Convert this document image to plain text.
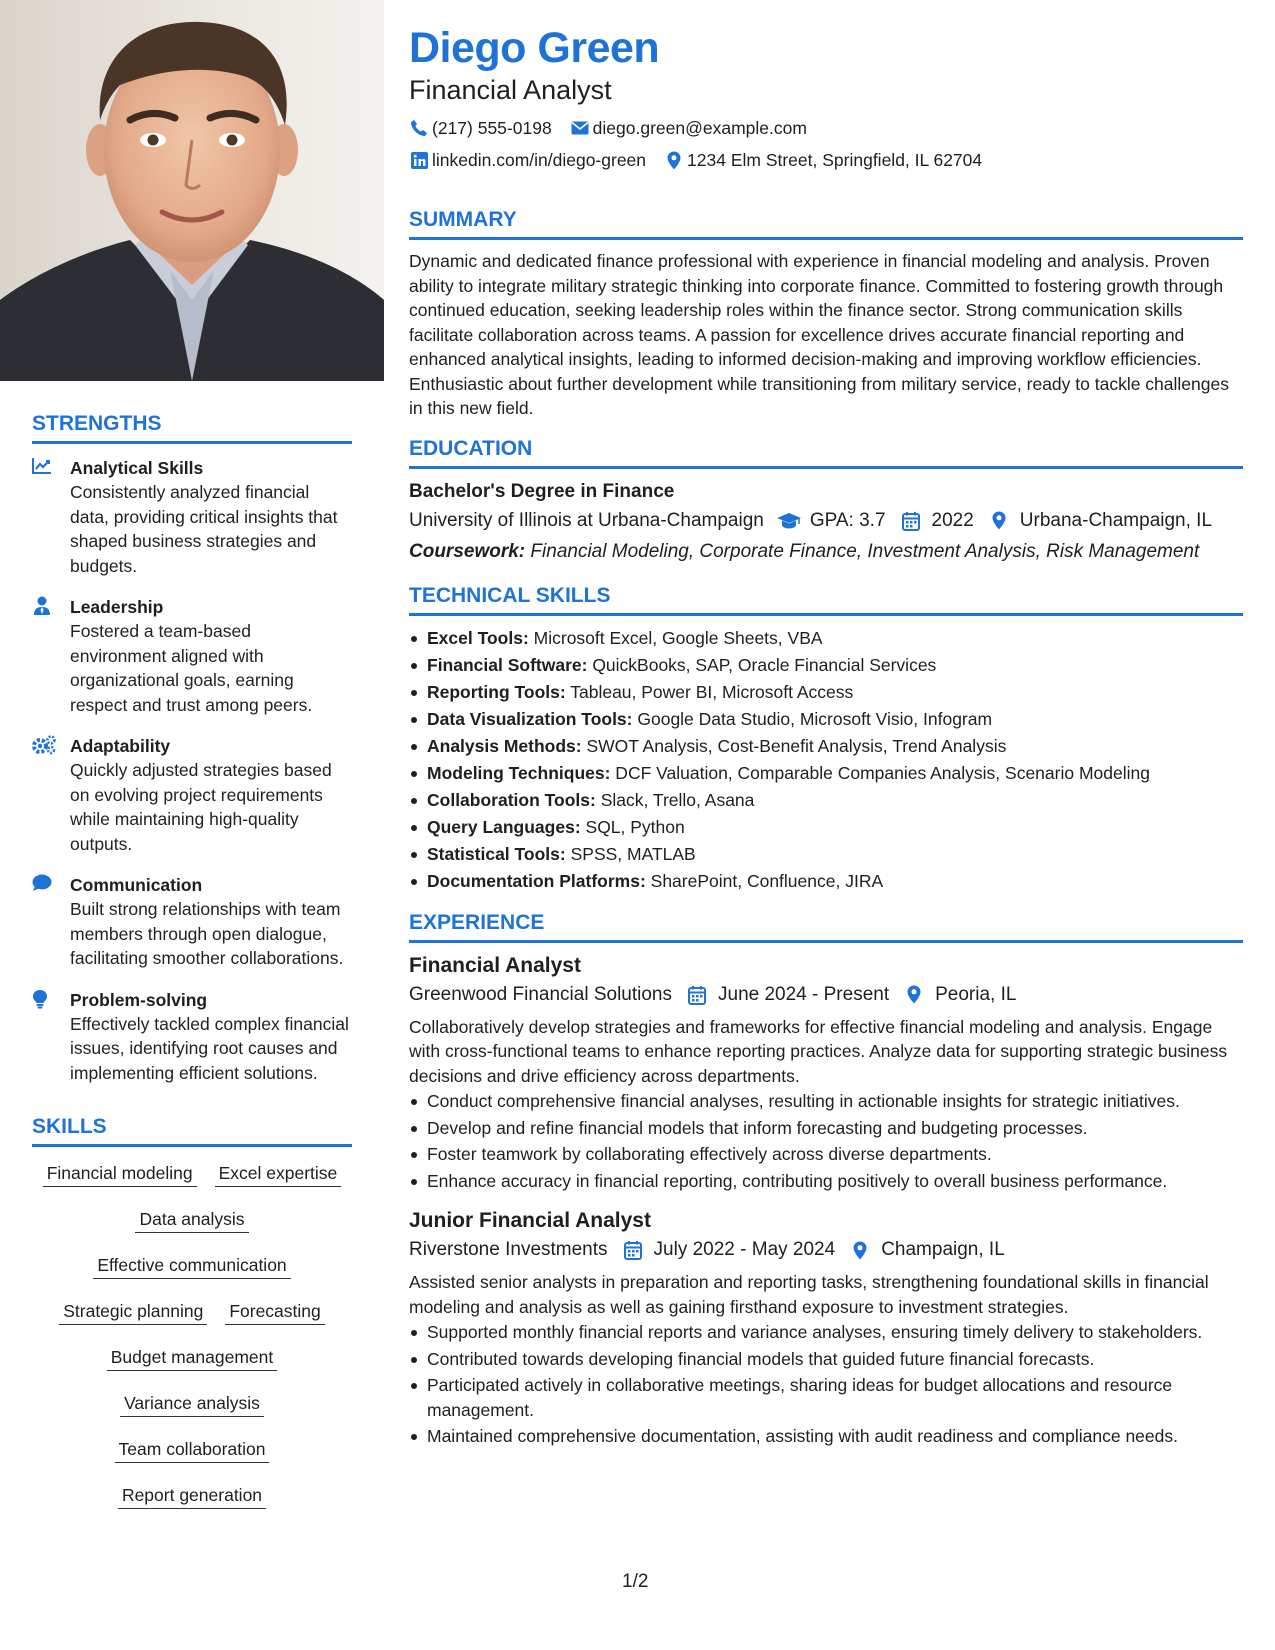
STRENGTHS
Analytical Skills
Consistently analyzed financial data, providing critical insights that shaped business strategies and budgets.
Leadership
Fostered a team-based environment aligned with organizational goals, earning respect and trust among peers.
Adaptability
Quickly adjusted strategies based on evolving project requirements while maintaining high-quality outputs.
Communication
Built strong relationships with team members through open dialogue, facilitating smoother collaborations.
Problem-solving
Effectively tackled complex financial issues, identifying root causes and implementing efficient solutions.
SKILLS
Financial modeling Excel expertise
Data analysis
Effective communication
Strategic planning Forecasting
Budget management
Variance analysis
Team collaboration
Report generation
Diego Green
Financial Analyst
(217) 555-0198 diego.green@example.com
linkedin.com/in/diego-green 1234 Elm Street, Springfield, IL 62704
SUMMARY
Dynamic and dedicated finance professional with experience in financial modeling and analysis. Proven ability to integrate military strategic thinking into corporate finance. Committed to fostering growth through continued education, seeking leadership roles within the finance sector. Strong communication skills facilitate collaboration across teams. A passion for excellence drives accurate financial reporting and enhanced analytical insights, leading to informed decision-making and improving workflow efficiencies. Enthusiastic about further development while transitioning from military service, ready to tackle challenges in this new field.
EDUCATION
Bachelor's Degree in Finance
University of Illinois at Urbana-Champaign GPA: 3.7 2022 Urbana-Champaign, IL
Coursework: Financial Modeling, Corporate Finance, Investment Analysis, Risk Management
TECHNICAL SKILLS
Excel Tools: Microsoft Excel, Google Sheets, VBA
Financial Software: QuickBooks, SAP, Oracle Financial Services
Reporting Tools: Tableau, Power BI, Microsoft Access
Data Visualization Tools: Google Data Studio, Microsoft Visio, Infogram
Analysis Methods: SWOT Analysis, Cost-Benefit Analysis, Trend Analysis
Modeling Techniques: DCF Valuation, Comparable Companies Analysis, Scenario Modeling
Collaboration Tools: Slack, Trello, Asana
Query Languages: SQL, Python
Statistical Tools: SPSS, MATLAB
Documentation Platforms: SharePoint, Confluence, JIRA
EXPERIENCE
Financial Analyst
Greenwood Financial Solutions June 2024 - Present Peoria, IL
Collaboratively develop strategies and frameworks for effective financial modeling and analysis. Engage with cross-functional teams to enhance reporting practices. Analyze data for supporting strategic business decisions and drive efficiency across departments.
Conduct comprehensive financial analyses, resulting in actionable insights for strategic initiatives.
Develop and refine financial models that inform forecasting and budgeting processes.
Foster teamwork by collaborating effectively across diverse departments.
Enhance accuracy in financial reporting, contributing positively to overall business performance.
Junior Financial Analyst
Riverstone Investments July 2022 - May 2024 Champaign, IL
Assisted senior analysts in preparation and reporting tasks, strengthening foundational skills in financial modeling and analysis as well as gaining firsthand exposure to investment strategies.
Supported monthly financial reports and variance analyses, ensuring timely delivery to stakeholders.
Contributed towards developing financial models that guided future financial forecasts.
Participated actively in collaborative meetings, sharing ideas for budget allocations and resource management.
Maintained comprehensive documentation, assisting with audit readiness and compliance needs.
1/2
